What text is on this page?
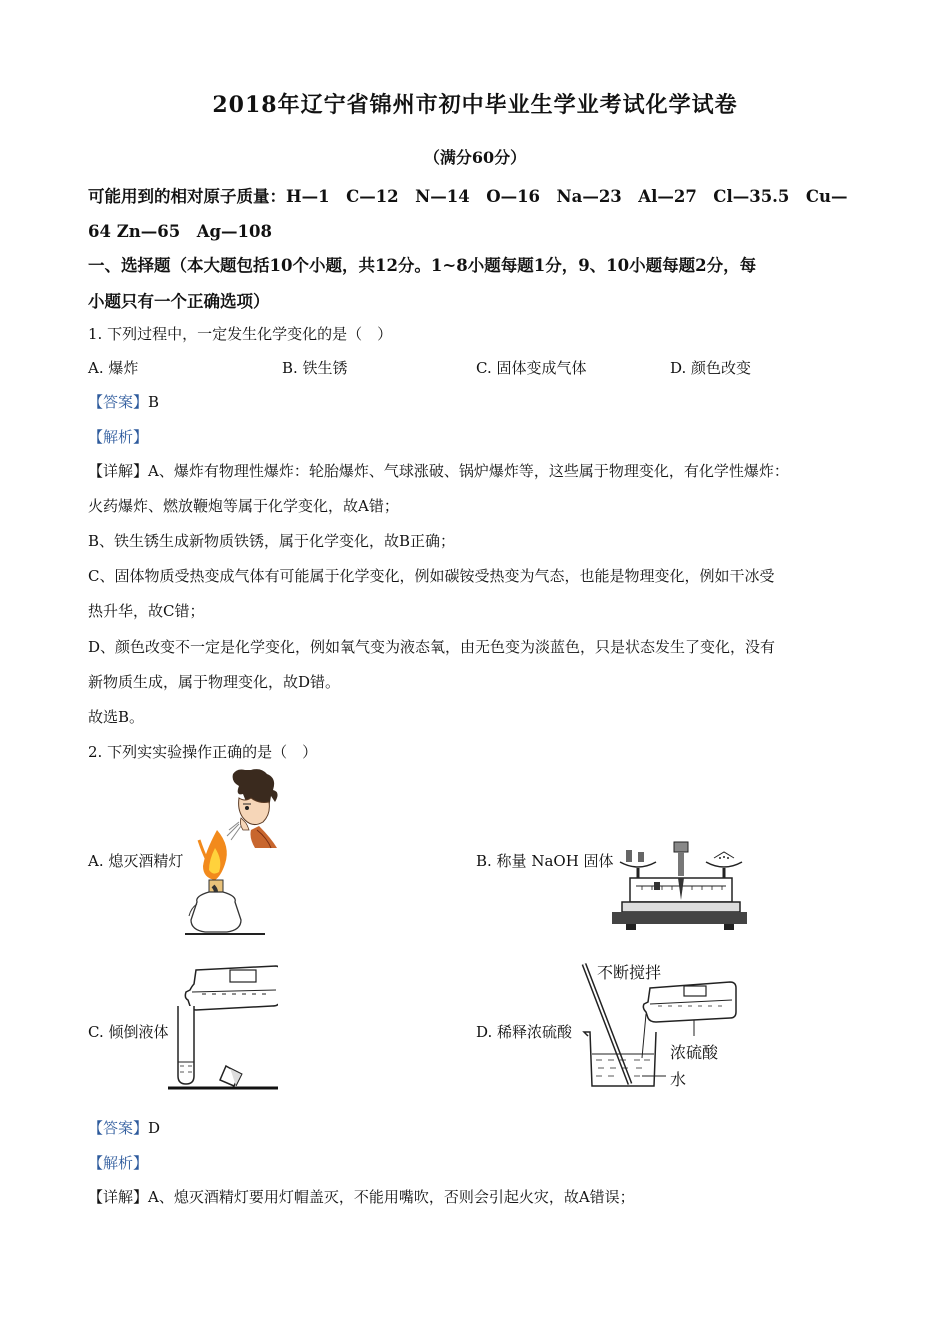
2018年辽宁省锦州市初中毕业生学业考试化学试卷
（满分60分）
可能用到的相对原子质量：H—1　C—12　N—14　O—16　Na—23　Al—27　Cl—35.5　Cu—
64 Zn—65　Ag—108
一、选择题（本大题包括10个小题，共12分。1~8小题每题1分，9、10小题每题2分，每
小题只有一个正确选项）
1. 下列过程中，一定发生化学变化的是（　）
A. 爆炸	B. 铁生锈	C. 固体变成气体	D. 颜色改变
【答案】B
【解析】
【详解】A、爆炸有物理性爆炸：轮胎爆炸、气球涨破、锅炉爆炸等，这些属于物理变化，有化学性爆炸：
火药爆炸、燃放鞭炮等属于化学变化，故A错；
B、铁生锈生成新物质铁锈，属于化学变化，故B正确；
C、固体物质受热变成气体有可能属于化学变化，例如碳铵受热变为气态，也能是物理变化，例如干冰受
热升华，故C错；
D、颜色改变不一定是化学变化，例如氧气变为液态氧，由无色变为淡蓝色，只是状态发生了变化，没有
新物质生成，属于物理变化，故D错。
故选B。
2. 下列实实验操作正确的是（　）
A. 熄灭酒精灯	B. 称量 NaOH 固体
C. 倾倒液体	D. 稀释浓硫酸
不断搅拌
浓硫酸
水
【答案】D
【解析】
【详解】A、熄灭酒精灯要用灯帽盖灭，不能用嘴吹，否则会引起火灾，故A错误；
